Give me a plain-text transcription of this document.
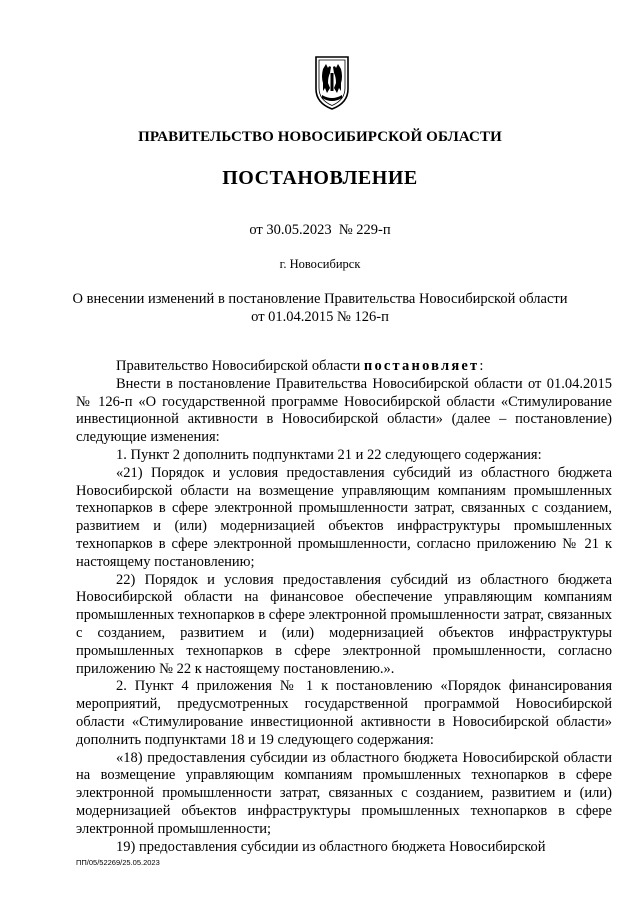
ПРАВИТЕЛЬСТВО НОВОСИБИРСКОЙ ОБЛАСТИ
ПОСТАНОВЛЕНИЕ
от 30.05.2023  № 229-п
г. Новосибирск
О внесении изменений в постановление Правительства Новосибирской области
от 01.04.2015 № 126-п

Правительство Новосибирской области постановляет:

Внести в постановление Правительства Новосибирской области от 01.04.2015 № 126-п «О государственной программе Новосибирской области «Стимулирование инвестиционной активности в Новосибирской области» (далее – постановление) следующие изменения:

1. Пункт 2 дополнить подпунктами 21 и 22 следующего содержания:

«21) Порядок и условия предоставления субсидий из областного бюджета Новосибирской области на возмещение управляющим компаниям промышленных технопарков в сфере электронной промышленности затрат, связанных с созданием, развитием и (или) модернизацией объектов инфраструктуры промышленных технопарков в сфере электронной промышленности, согласно приложению № 21 к настоящему постановлению;

22) Порядок и условия предоставления субсидий из областного бюджета Новосибирской области на финансовое обеспечение управляющим компаниям промышленных технопарков в сфере электронной промышленности затрат, связанных с созданием, развитием и (или) модернизацией объектов инфраструктуры промышленных технопарков в сфере электронной промышленности, согласно приложению № 22 к настоящему постановлению.».

2. Пункт 4 приложения № 1 к постановлению «Порядок финансирования мероприятий, предусмотренных государственной программой Новосибирской области «Стимулирование инвестиционной активности в Новосибирской области» дополнить подпунктами 18 и 19 следующего содержания:

«18) предоставления субсидии из областного бюджета Новосибирской области на возмещение управляющим компаниям промышленных технопарков в сфере электронной промышленности затрат, связанных с созданием, развитием и (или) модернизацией объектов инфраструктуры промышленных технопарков в сфере электронной промышленности;

19) предоставления субсидии из областного бюджета Новосибирской

ПП/05/52269/25.05.2023
